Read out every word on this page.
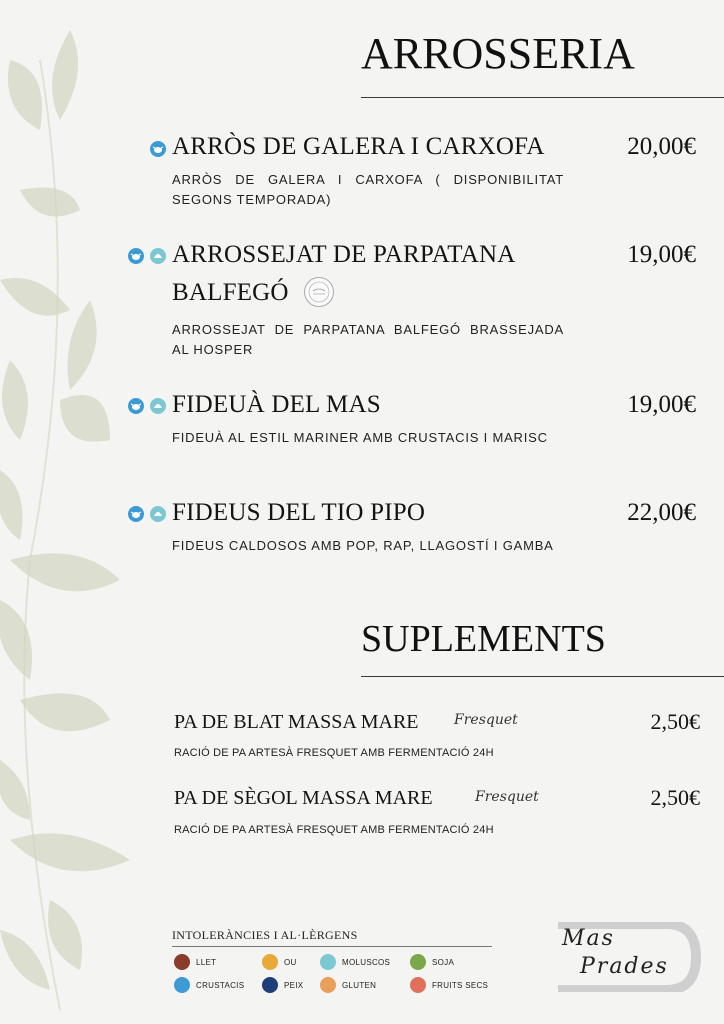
ARROSSERIA
ARRÒS DE GALERA I CARXOFA	20,00€
ARRÒS DE GALERA I CARXOFA ( DISPONIBILITAT SEGONS TEMPORADA)
ARROSSEJAT DE PARPATANA	19,00€
BALFEGÓ
ARROSSEJAT DE PARPATANA BALFEGÓ BRASSEJADA AL HOSPER
FIDEUÀ DEL MAS	19,00€
FIDEUÀ AL ESTIL MARINER AMB CRUSTACIS I MARISC
FIDEUS DEL TIO PIPO	22,00€
FIDEUS CALDOSOS AMB POP, RAP, LLAGOSTÍ I GAMBA
SUPLEMENTS
PA DE BLAT MASSA MARE	Fresquet	2,50€
RACIÓ DE PA ARTESÀ FRESQUET AMB FERMENTACIÓ 24H
PA DE SÈGOL MASSA MARE	Fresquet	2,50€
RACIÓ DE PA ARTESÀ FRESQUET AMB FERMENTACIÓ 24H
INTOLERÀNCIES I AL·LÈRGENS
LLET	OU	MOLUSCOS	SOJA
CRUSTACIS	PEIX	GLUTEN	FRUITS SECS
Mas
Prades
